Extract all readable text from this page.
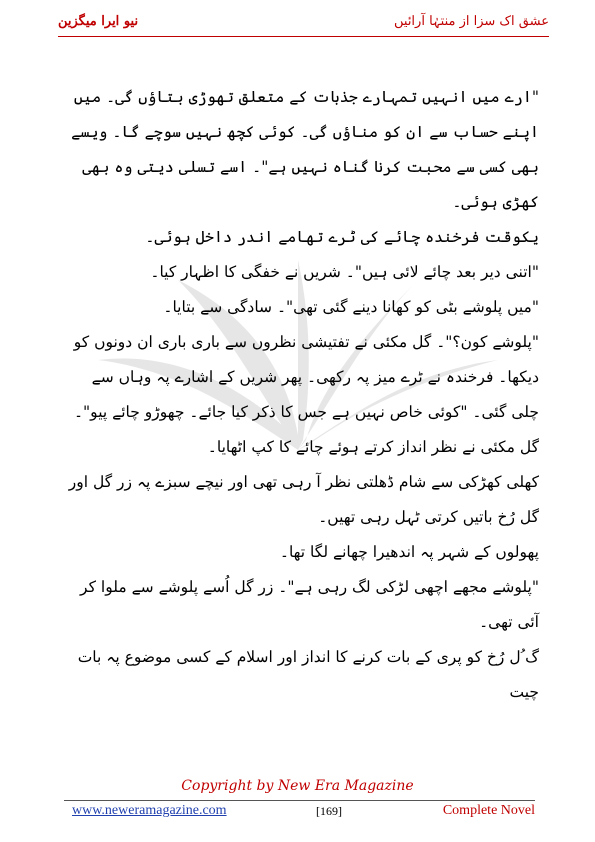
نیو ایرا میگزین	عشق اک سزا از منتہٰا آرائیں

"ارے میں انہیں تمہارے جذبات کے متعلق تھوڑی بتاؤں گی۔ میں اپنے حساب سے ان کو مناؤں گی۔ کوئی کچھ نہیں سوچے گا۔ ویسے بھی کسی سے محبت کرنا گناہ نہیں ہے"۔ اسے تسلی دیتی وہ بھی کھڑی ہوئی۔

یکوقت فرخندہ چائے کی ٹرے تھامے اندر داخل ہوئی۔

"اتنی دیر بعد چائے لائی ہیں"۔ شریں نے خفگی کا اظہار کیا۔

"میں پلوشے بٹی کو کھانا دینے گئی تھی"۔ سادگی سے بتایا۔

"پلوشے کون؟"۔ گل مکئی نے تفتیشی نظروں سے باری باری ان دونوں کو دیکھا۔ فرخندہ نے ٹرے میز پہ رکھی۔ پھر شریں کے اشارے پہ وہاں سے چلی گئی۔ "کوئی خاص نہیں ہے جس کا ذکر کیا جائے۔ چھوڑو چائے پیو"۔ گل مکئی نے نظر انداز کرتے ہوئے چائے کا کپ اٹھایا۔

کھلی کھڑکی سے شام ڈھلتی نظر آ رہی تھی اور نیچے سبزے پہ زر گل اور گل رُخ باتیں کرتی ٹہل رہی تھیں۔

پھولوں کے شہر پہ اندھیرا چھانے لگا تھا۔

"پلوشے مجھے اچھی لڑکی لگ رہی ہے"۔ زر گل اُسے پلوشے سے ملوا کر آئی تھی۔

گ ُل رُخ کو پری کے بات کرنے کا انداز اور اسلام کے کسی موضوع پہ بات چیت

Copyright by New Era Magazine
www.neweramagazine.com	[169]	Complete Novel
